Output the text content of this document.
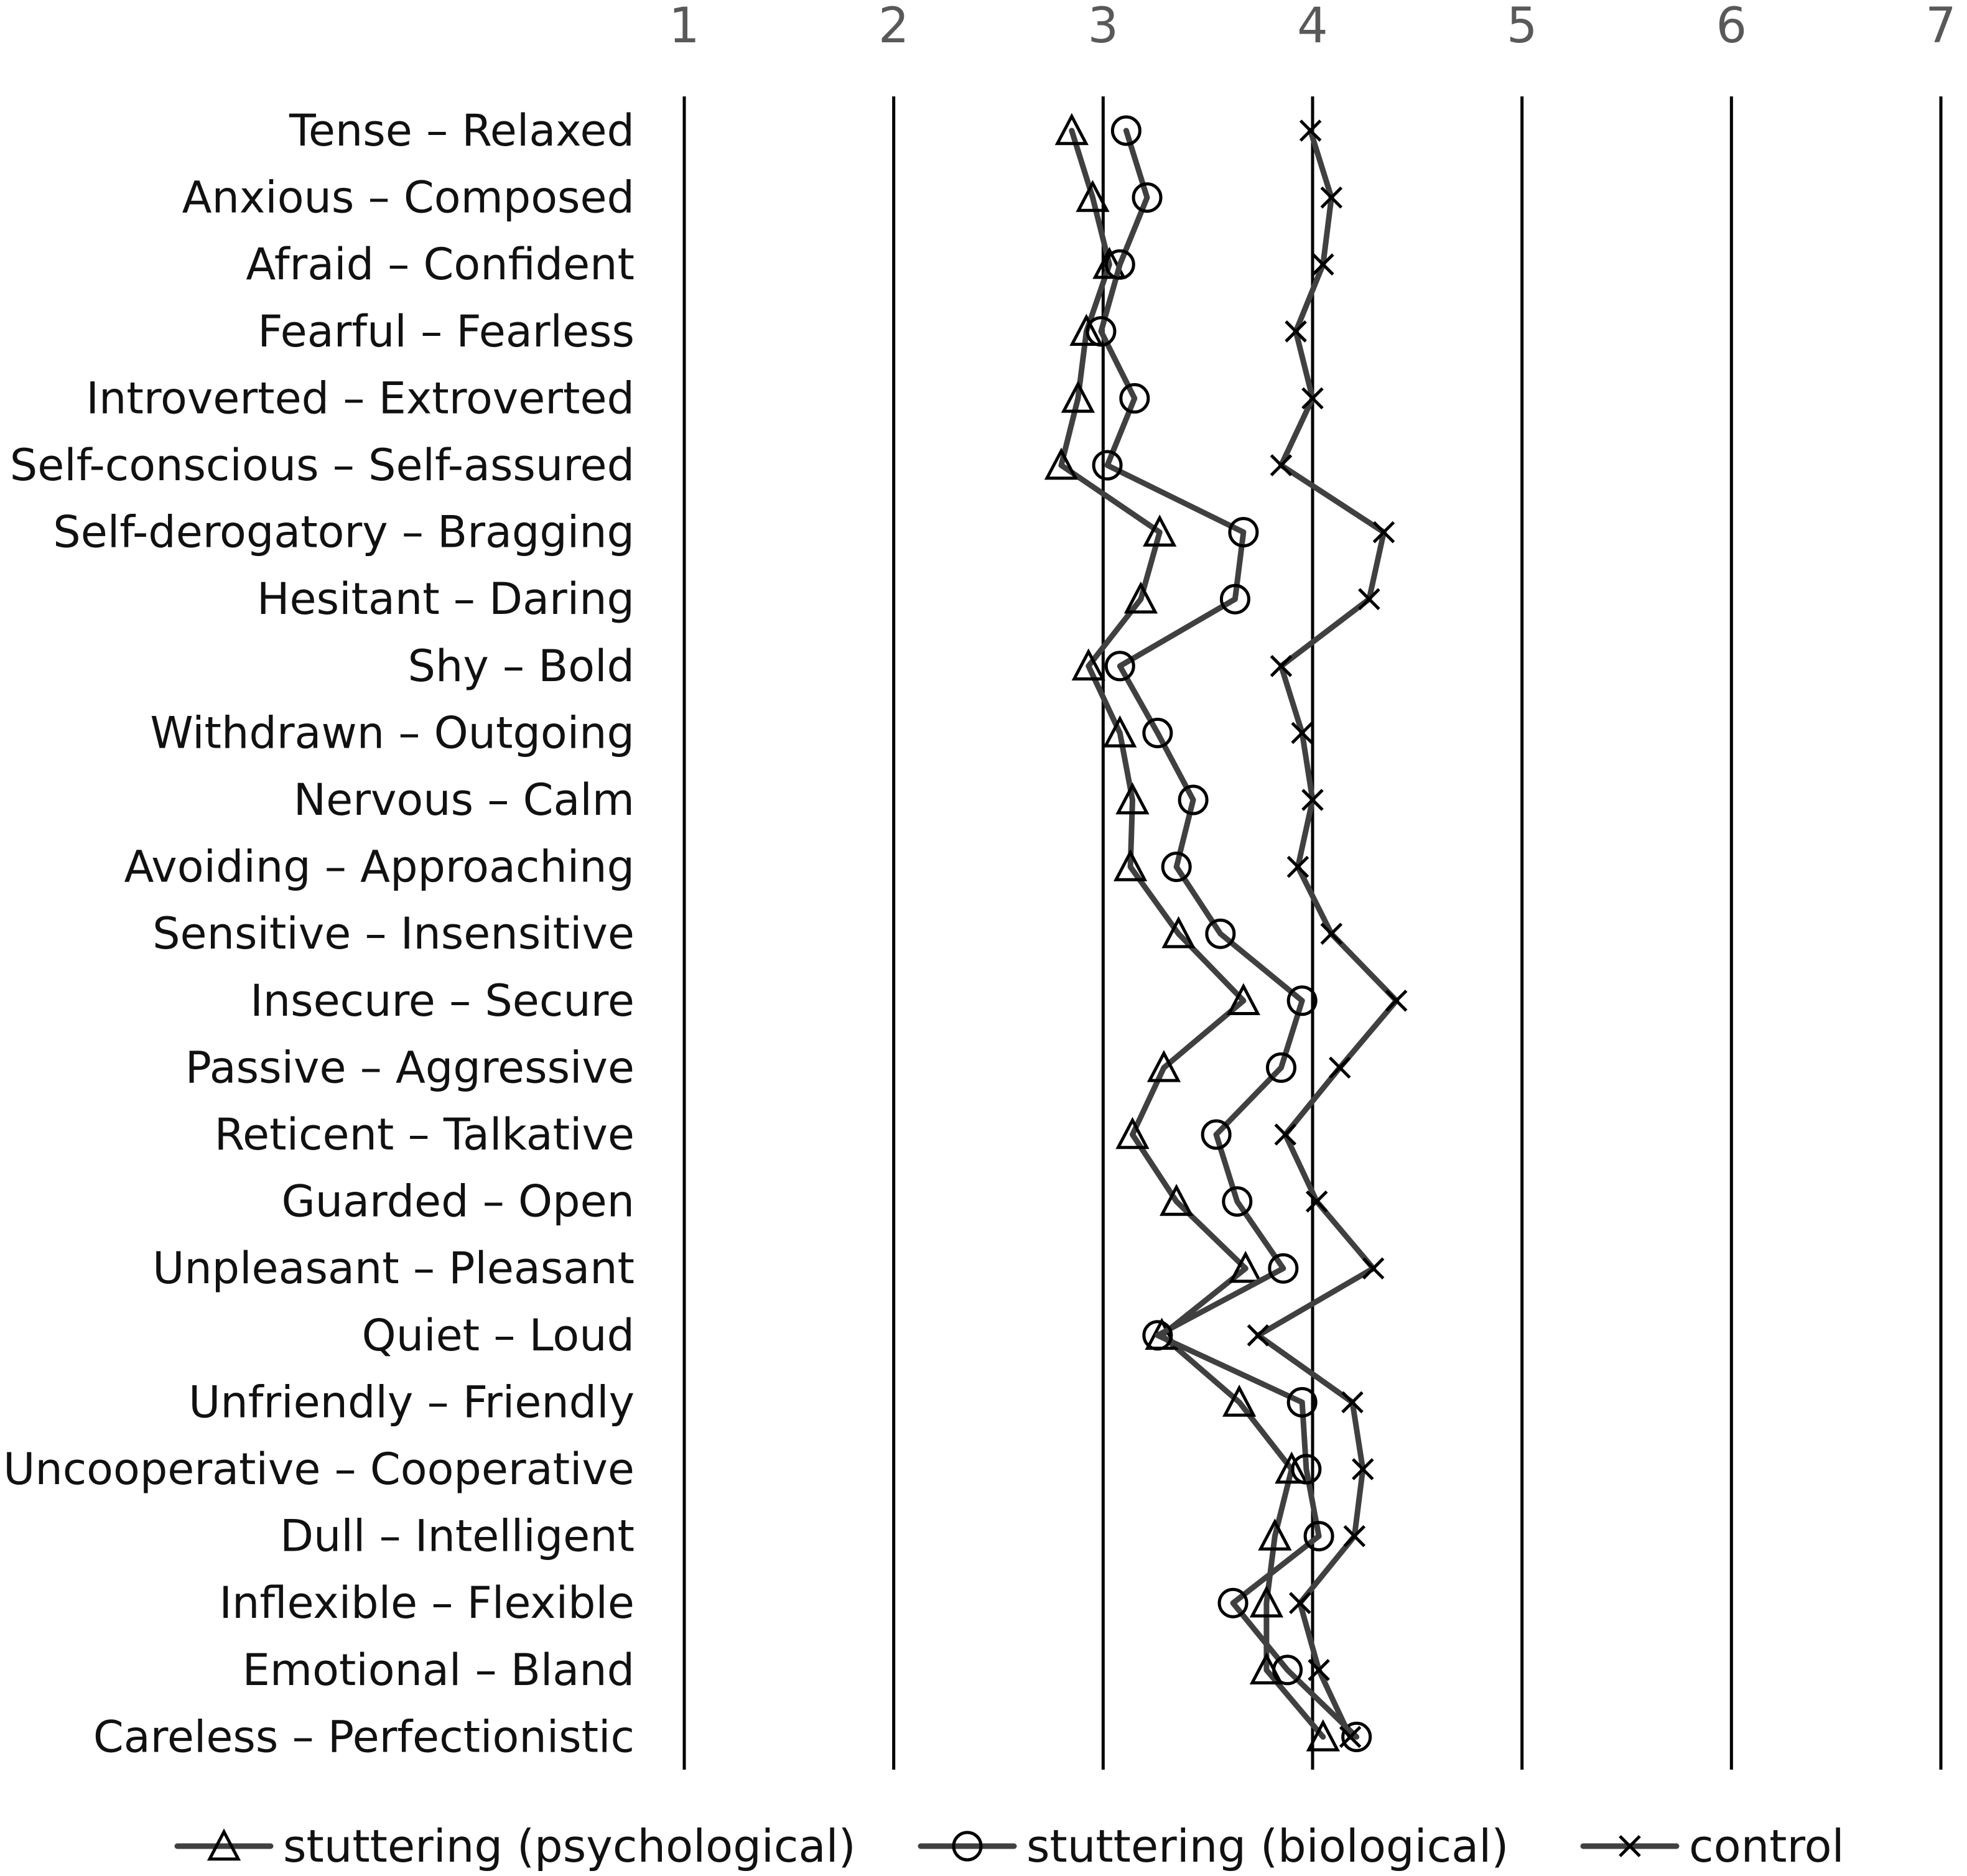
1	2	3	4	5	6	7
Tense – Relaxed
Anxious – Composed
Afraid – Confident
Fearful – Fearless
Introverted – Extroverted
Self-conscious – Self-assured
Self-derogatory – Bragging
Hesitant – Daring
Shy – Bold
Withdrawn – Outgoing
Nervous – Calm
Avoiding – Approaching
Sensitive – Insensitive
Insecure – Secure
Passive – Aggressive
Reticent – Talkative
Guarded – Open
Unpleasant – Pleasant
Quiet – Loud
Unfriendly – Friendly
Uncooperative – Cooperative
Dull – Intelligent
Inflexible – Flexible
Emotional – Bland
Careless – Perfectionistic
stuttering (psychological)	stuttering (biological)	control
